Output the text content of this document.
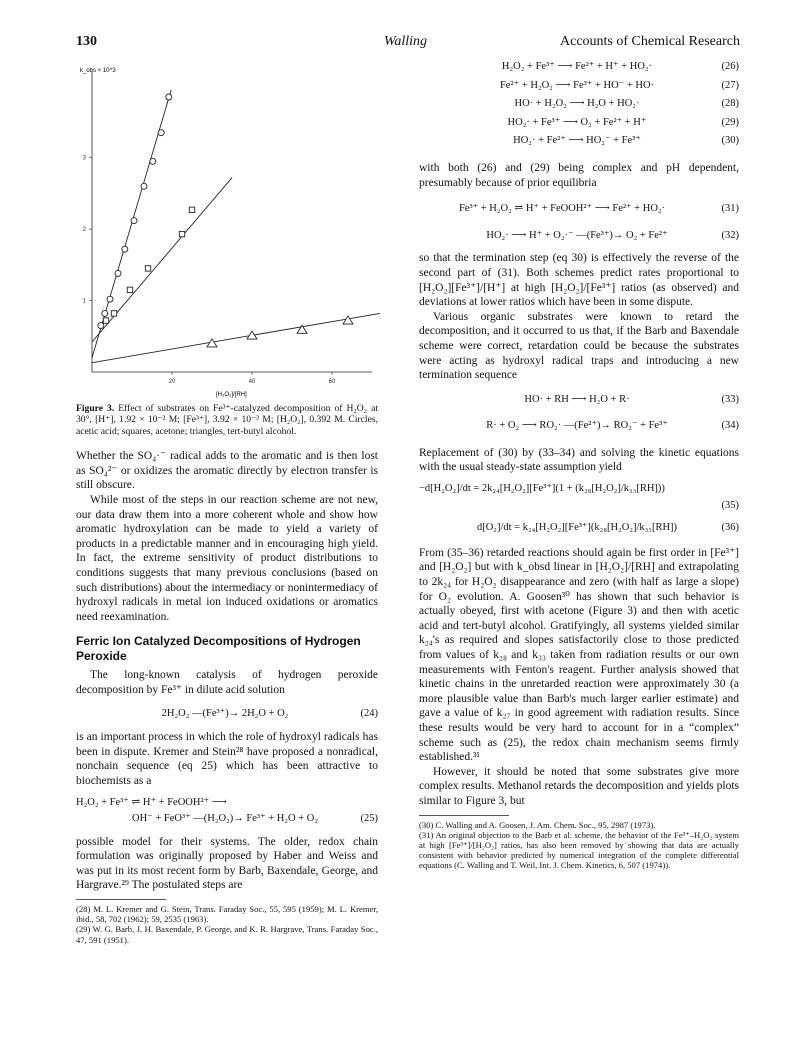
130	Walling	Accounts of Chemical Research
k_obs × 10^3
[H₂O₂]/[RH]
20	40	60
1
2
3

Figure 3. Effect of substrates on Fe³⁺-catalyzed decomposition of H₂O₂ at 30°, [H⁺], 1.92 × 10⁻² M; [Fe³⁺], 3.92 × 10⁻³ M; [H₂O₂], 0.392 M. Circles, acetic acid; squares, acetone; triangles, tert-butyl alcohol.

Whether the SO₄·⁻ radical adds to the aromatic and is then lost as SO₄²⁻ or oxidizes the aromatic directly by electron transfer is still obscure.

While most of the steps in our reaction scheme are not new, our data draw them into a more coherent whole and show how aromatic hydroxylation can be made to yield a variety of products in a predictable manner and in encouraging high yield. In fact, the extreme sensitivity of product distributions to conditions suggests that many previous conclusions (based on such distributions) about the intermediacy or nonintermediacy of hydroxyl radicals in metal ion induced oxidations or aromatics need reexamination.

Ferric Ion Catalyzed Decompositions of Hydrogen Peroxide

The long-known catalysis of hydrogen peroxide decomposition by Fe³⁺ in dilute acid solution

2H₂O₂ —(Fe³⁺)→ 2H₂O + O₂	(24)

is an important process in which the role of hydroxyl radicals has been in dispute. Kremer and Stein²⁸ have proposed a nonradical, nonchain sequence (eq 25) which has been attractive to biochemists as a

H₂O₂ + Fe³⁺ ⇌ H⁺ + FeOOH²⁺ ⟶
OH⁻ + FeO³⁺ —(H₂O₂)→ Fe³⁺ + H₂O + O₂	(25)

possible model for their systems. The older, redox chain formulation was originally proposed by Haber and Weiss and was put in its most recent form by Barb, Baxendale, George, and Hargrave.²⁹ The postulated steps are

(28) M. L. Kremer and G. Stein, Trans. Faraday Soc., 55, 595 (1959); M. L. Kremer, ibid., 58, 702 (1962); 59, 2535 (1963).

(29) W. G. Barb, J. H. Baxendale, P. George, and K. R. Hargrave, Trans. Faraday Soc., 47, 591 (1951).

H₂O₂ + Fe³⁺ ⟶ Fe²⁺ + H⁺ + HO₂·	(26)
Fe²⁺ + H₂O₂ ⟶ Fe³⁺ + HO⁻ + HO·	(27)
HO· + H₂O₂ ⟶ H₂O + HO₂·	(28)
HO₂· + Fe³⁺ ⟶ O₂ + Fe²⁺ + H⁺	(29)
HO₂· + Fe²⁺ ⟶ HO₂⁻ + Fe³⁺	(30)

with both (26) and (29) being complex and pH dependent, presumably because of prior equilibria

Fe³⁺ + H₂O₂ ⇌ H⁺ + FeOOH²⁺ ⟶ Fe²⁺ + HO₂·	(31)
HO₂· ⟶ H⁺ + O₂·⁻ —(Fe³⁺)→ O₂ + Fe²⁺	(32)

so that the termination step (eq 30) is effectively the reverse of the second part of (31). Both schemes predict rates proportional to [H₂O₂][Fe³⁺]/[H⁺] at high [H₂O₂]/[Fe³⁺] ratios (as observed) and deviations at lower ratios which have been in some dispute.

Various organic substrates were known to retard the decomposition, and it occurred to us that, if the Barb and Baxendale scheme were correct, retardation could be because the substrates were acting as hydroxyl radical traps and introducing a new termination sequence

HO· + RH ⟶ H₂O + R·	(33)
R· + O₂ ⟶ RO₂· —(Fe²⁺)→ RO₂⁻ + Fe³⁺	(34)

Replacement of (30) by (33–34) and solving the kinetic equations with the usual steady-state assumption yield

−d[H₂O₂]/dt = 2k₂₄[H₂O₂][Fe³⁺](1 + (k₂₈[H₂O₂]/k₃₃[RH]))
(35)
d[O₂]/dt = k₂₄[H₂O₂][Fe³⁺](k₂₈[H₂O₂]/k₃₃[RH])	(36)

From (35–36) retarded reactions should again be first order in [Fe³⁺] and [H₂O₂] but with k_obsd linear in [H₂O₂]/[RH] and extrapolating to 2k₂₄ for H₂O₂ disappearance and zero (with half as large a slope) for O₂ evolution. A. Goosen³⁰ has shown that such behavior is actually obeyed, first with acetone (Figure 3) and then with acetic acid and tert-butyl alcohol. Gratifyingly, all systems yielded similar k₂₄'s as required and slopes satisfactorily close to those predicted from values of k₂₈ and k₃₃ taken from radiation results or our own measurements with Fenton's reagent. Further analysis showed that kinetic chains in the unretarded reaction were approximately 30 (a more plausible value than Barb's much larger earlier estimate) and gave a value of k₂₇ in good agreement with radiation results. Since these results would be very hard to account for in a “complex” scheme such as (25), the redox chain mechanism seems firmly established.³¹

However, it should be noted that some substrates give more complex results. Methanol retards the decomposition and yields plots similar to Figure 3, but

(30) C. Walling and A. Goosen, J. Am. Chem. Soc., 95, 2987 (1973).

(31) An original objection to the Barb et al. scheme, the behavior of the Fe³⁺–H₂O₂ system at high [Fe³⁺]/[H₂O₂] ratios, has also been removed by showing that data are actually consistent with behavior predicted by numerical integration of the complete differential equations (C. Walling and T. Weil, Int. J. Chem. Kinetics, 6, 507 (1974)).
